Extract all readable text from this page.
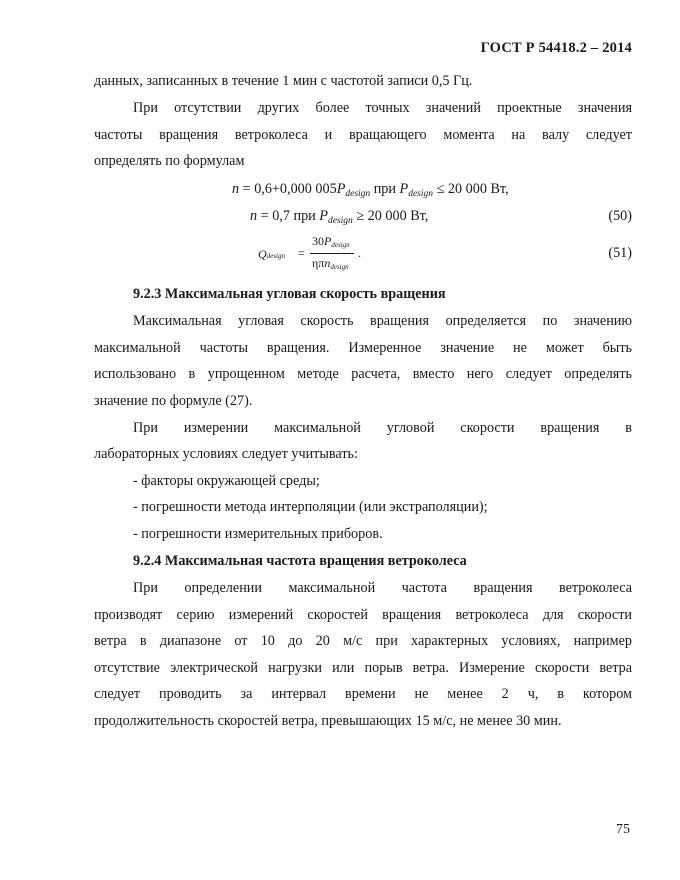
ГОСТ Р 54418.2 – 2014
данных, записанных в течение 1 мин с частотой записи 0,5 Гц.
При отсутствии других более точных значений проектные значения
частоты вращения ветроколеса и вращающего момента на валу следует
определять по формулам
n = 0,6+0,000 $005P_{design}$ при $P_{design} \le 20$ 000 Вт,
n = 0,7 при $P_{design} \ge 20$ 000 Вт,	(50)
Qdesign =
30Pdesign
ηπndesign
.	(51)
9.2.3 Максимальная угловая скорость вращения
Максимальная угловая скорость вращения определяется по значению
максимальной частоты вращения. Измеренное значение не может быть
использовано в упрощенном методе расчета, вместо него следует определять
значение по формуле (27).
При измерении максимальной угловой скорости вращения в
лабораторных условиях следует учитывать:
- факторы окружающей среды;
- погрешности метода интерполяции (или экстраполяции);
- погрешности измерительных приборов.
9.2.4 Максимальная частота вращения ветроколеса
При определении максимальной частота вращения ветроколеса
производят серию измерений скоростей вращения ветроколеса для скорости
ветра в диапазоне от 10 до 20 м/с при характерных условиях, например
отсутствие электрической нагрузки или порыв ветра. Измерение скорости ветра
следует проводить за интервал времени не менее 2 ч, в котором
продолжительность скоростей ветра, превышающих 15 м/с, не менее 30 мин.
75
